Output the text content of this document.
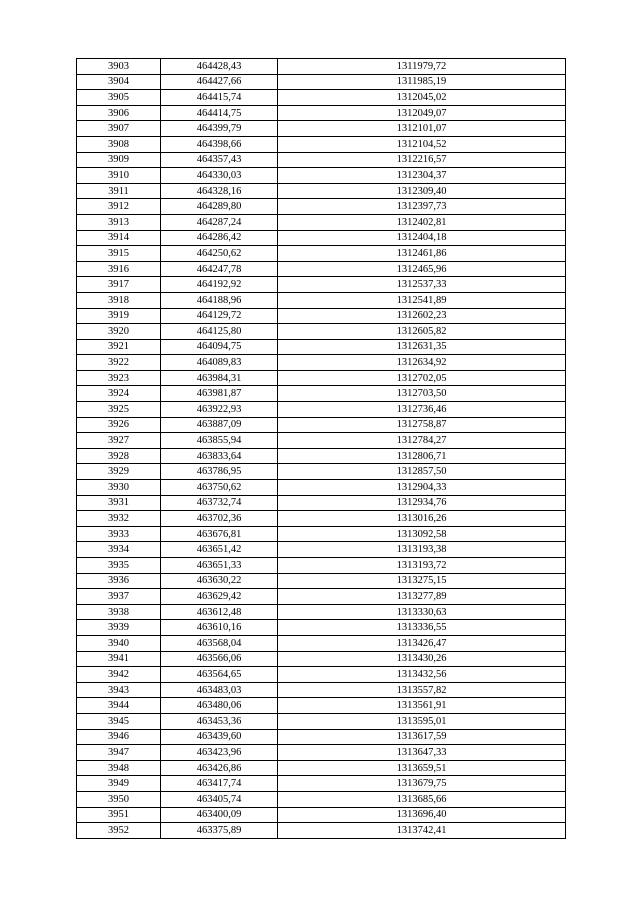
3903	464428,43	1311979,72
3904	464427,66	1311985,19
3905	464415,74	1312045,02
3906	464414,75	1312049,07
3907	464399,79	1312101,07
3908	464398,66	1312104,52
3909	464357,43	1312216,57
3910	464330,03	1312304,37
3911	464328,16	1312309,40
3912	464289,80	1312397,73
3913	464287,24	1312402,81
3914	464286,42	1312404,18
3915	464250,62	1312461,86
3916	464247,78	1312465,96
3917	464192,92	1312537,33
3918	464188,96	1312541,89
3919	464129,72	1312602,23
3920	464125,80	1312605,82
3921	464094,75	1312631,35
3922	464089,83	1312634,92
3923	463984,31	1312702,05
3924	463981,87	1312703,50
3925	463922,93	1312736,46
3926	463887,09	1312758,87
3927	463855,94	1312784,27
3928	463833,64	1312806,71
3929	463786,95	1312857,50
3930	463750,62	1312904,33
3931	463732,74	1312934,76
3932	463702,36	1313016,26
3933	463676,81	1313092,58
3934	463651,42	1313193,38
3935	463651,33	1313193,72
3936	463630,22	1313275,15
3937	463629,42	1313277,89
3938	463612,48	1313330,63
3939	463610,16	1313336,55
3940	463568,04	1313426,47
3941	463566,06	1313430,26
3942	463564,65	1313432,56
3943	463483,03	1313557,82
3944	463480,06	1313561,91
3945	463453,36	1313595,01
3946	463439,60	1313617,59
3947	463423,96	1313647,33
3948	463426,86	1313659,51
3949	463417,74	1313679,75
3950	463405,74	1313685,66
3951	463400,09	1313696,40
3952	463375,89	1313742,41
